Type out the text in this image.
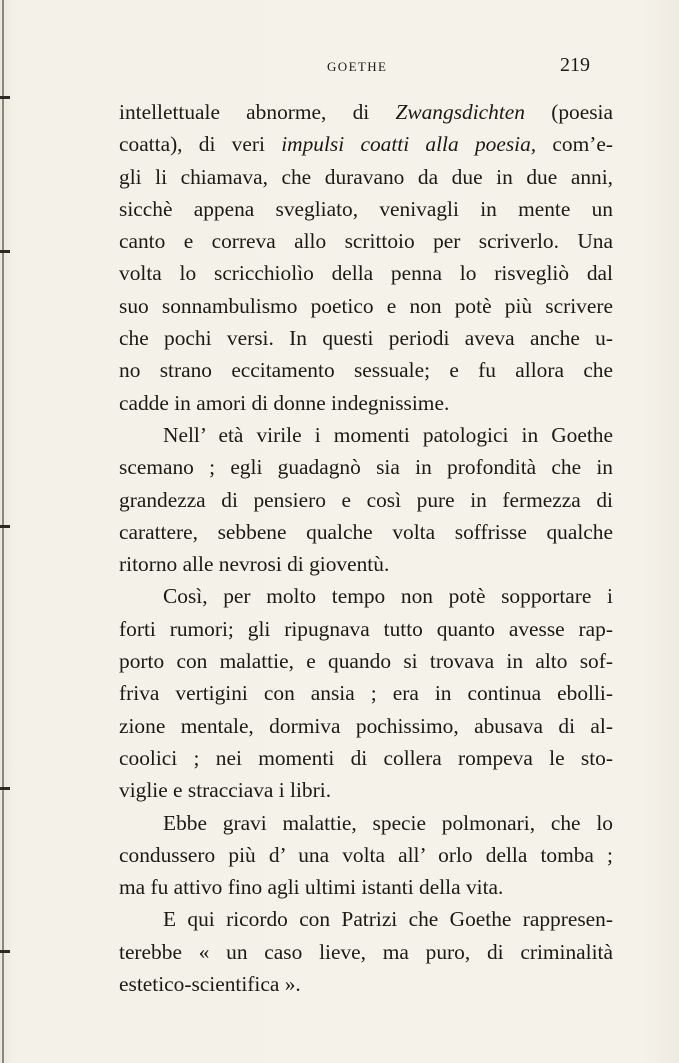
GOETHE	219
intellettuale abnorme, di Zwangsdichten (poesia
coatta), di veri impulsi coatti alla poesia, com’e-
gli li chiamava, che duravano da due in due anni,
sicchè appena svegliato, venivagli in mente un
canto e correva allo scrittoio per scriverlo. Una
volta lo scricchiolìo della penna lo risvegliò dal
suo sonnambulismo poetico e non potè più scrivere
che pochi versi. In questi periodi aveva anche u-
no strano eccitamento sessuale; e fu allora che
cadde in amori di donne indegnissime.
Nell’ età virile i momenti patologici in Goethe
scemano ; egli guadagnò sia in profondità che in
grandezza di pensiero e così pure in fermezza di
carattere, sebbene qualche volta soffrisse qualche
ritorno alle nevrosi di gioventù.
Così, per molto tempo non potè sopportare i
forti rumori; gli ripugnava tutto quanto avesse rap-
porto con malattie, e quando si trovava in alto sof-
friva vertigini con ansia ; era in continua ebolli-
zione mentale, dormiva pochissimo, abusava di al-
coolici ; nei momenti di collera rompeva le sto-
viglie e stracciava i libri.
Ebbe gravi malattie, specie polmonari, che lo
condussero più d’ una volta all’ orlo della tomba ;
ma fu attivo fino agli ultimi istanti della vita.
E qui ricordo con Patrizi che Goethe rappresen-
terebbe « un caso lieve, ma puro, di criminalità
estetico-scientifica ».
